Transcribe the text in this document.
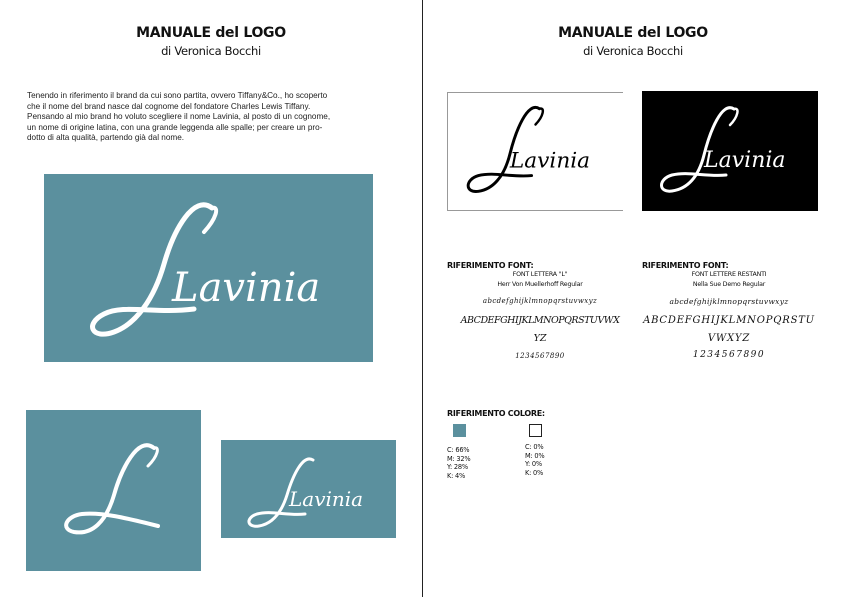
MANUALE del LOGO
di Veronica Bocchi
Tenendo in riferimento il brand da cui sono partita, ovvero Tiffany&Co., ho scoperto
che il nome del brand nasce dal cognome del fondatore Charles Lewis Tiffany.
Pensando al mio brand ho voluto scegliere il nome Lavinia, al posto di un cognome,
un nome di origine latina, con una grande leggenda alle spalle; per creare un pro-
dotto di alta qualità, partendo già dal nome.
Lavinia
Lavinia
MANUALE del LOGO
di Veronica Bocchi
Lavinia	Lavinia
RIFERIMENTO FONT:
FONT LETTERA "L"
Herr Von Muellerhoff Regular
abcdefghijklmnopqrstuvwxyz
ABCDEFGHIJKLMNOPQRSTUVWX
YZ
1234567890
RIFERIMENTO FONT:
FONT LETTERE RESTANTI
Nella Sue Demo Regular
abcdefghijklmnopqrstuvwxyz
ABCDEFGHIJKLMNOPQRSTU
VWXYZ
1234567890
RIFERIMENTO COLORE:
C: 66%
M: 32%
Y: 28%
K: 4%
C: 0%
M: 0%
Y: 0%
K: 0%
